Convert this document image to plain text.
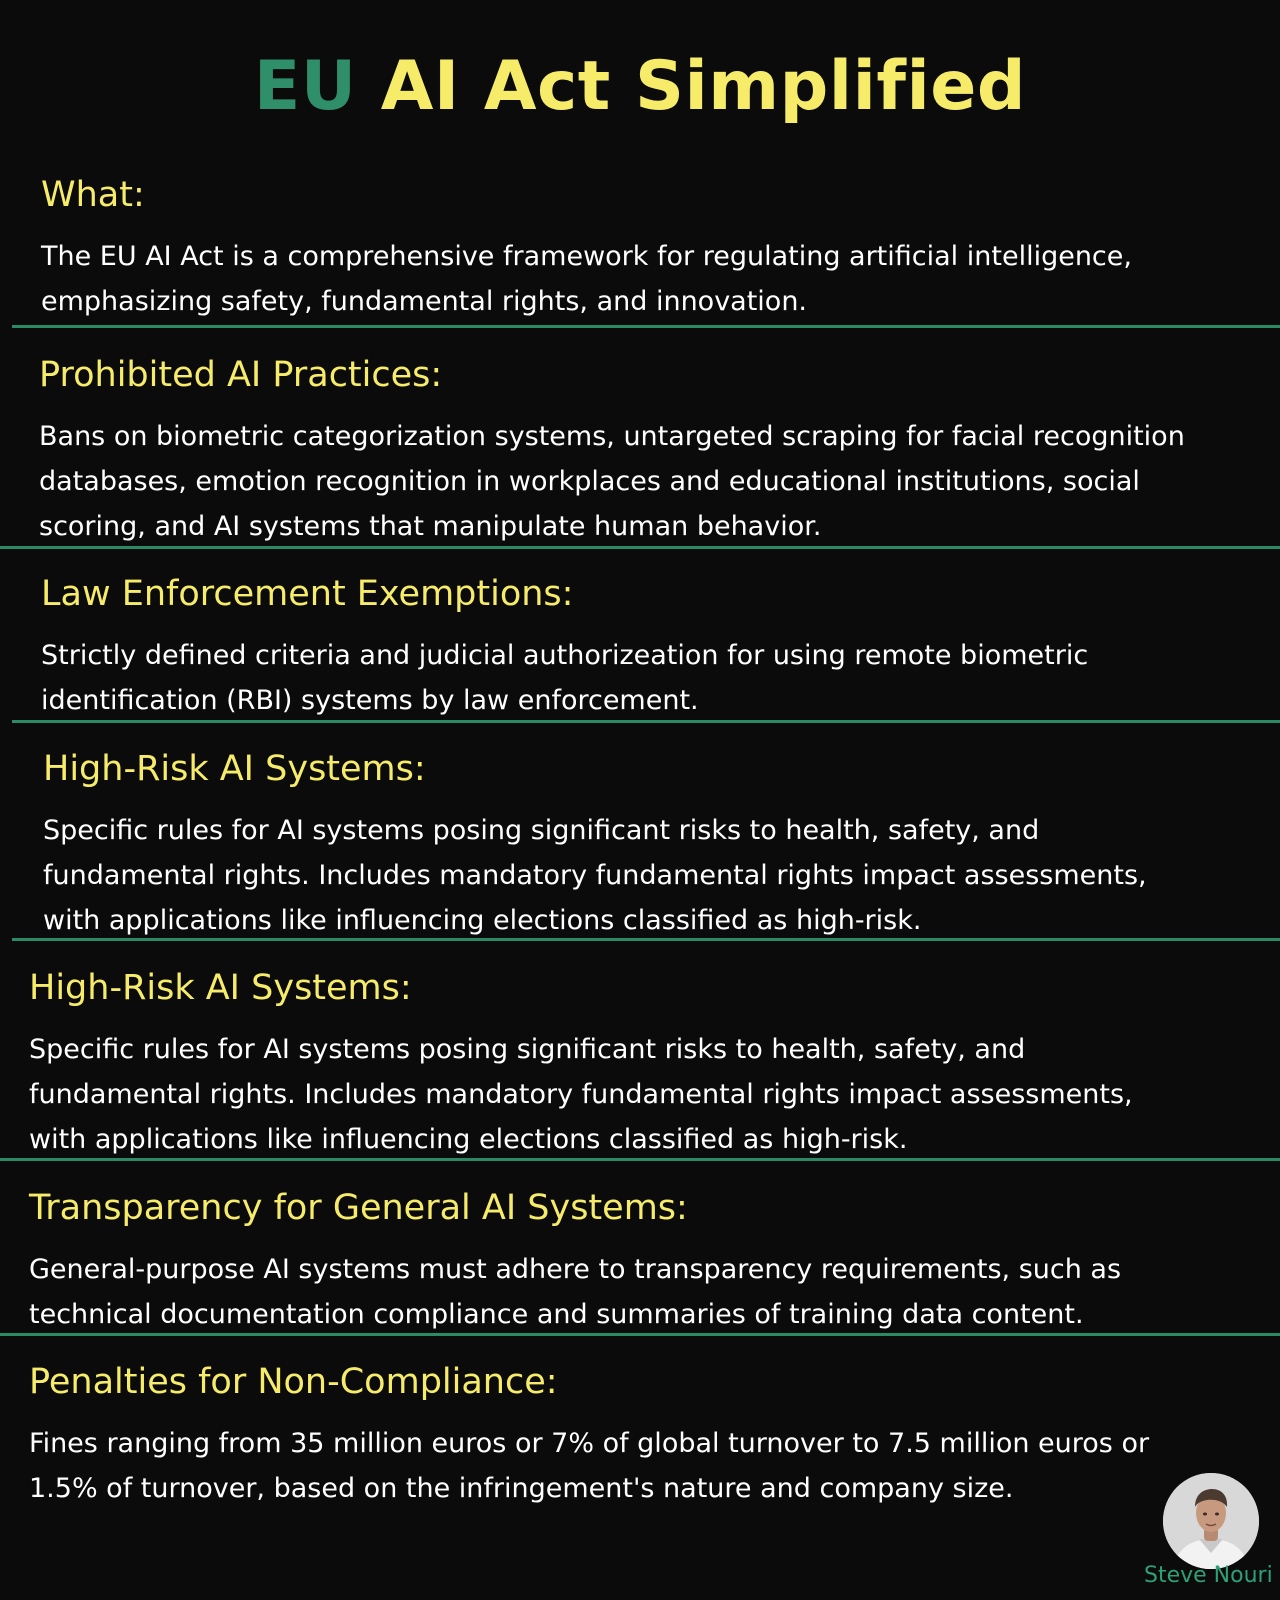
EU AI Act Simplified
What:
The EU AI Act is a comprehensive framework for regulating artificial intelligence,
emphasizing safety, fundamental rights, and innovation.
Prohibited AI Practices:
Bans on biometric categorization systems, untargeted scraping for facial recognition
databases, emotion recognition in workplaces and educational institutions, social
scoring, and AI systems that manipulate human behavior.
Law Enforcement Exemptions:
Strictly defined criteria and judicial authorizeation for using remote biometric
identification (RBI) systems by law enforcement.
High-Risk AI Systems:
Specific rules for AI systems posing significant risks to health, safety, and
fundamental rights. Includes mandatory fundamental rights impact assessments,
with applications like influencing elections classified as high-risk.
High-Risk AI Systems:
Specific rules for AI systems posing significant risks to health, safety, and
fundamental rights. Includes mandatory fundamental rights impact assessments,
with applications like influencing elections classified as high-risk.
Transparency for General AI Systems:
General-purpose AI systems must adhere to transparency requirements, such as
technical documentation compliance and summaries of training data content.
Penalties for Non-Compliance:
Fines ranging from 35 million euros or 7% of global turnover to 7.5 million euros or
1.5% of turnover, based on the infringement's nature and company size.
Steve Nouri
